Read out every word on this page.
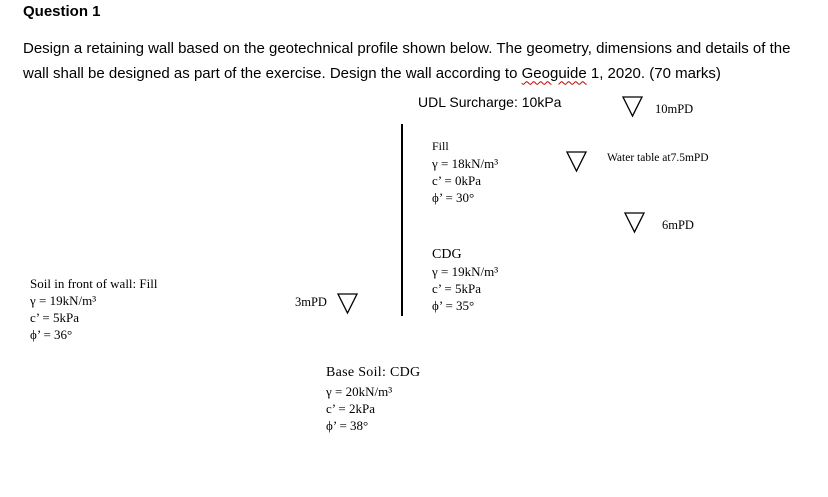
Question 1
Design a retaining wall based on the geotechnical profile shown below. The geometry, dimensions and details of the wall shall be designed as part of the exercise. Design the wall according to Geoguide 1, 2020. (70 marks)
UDL Surcharge: 10kPa	10mPD
Water table at7.5mPD
6mPD
3mPD
Fill
γ = 18kN/m³
c’ = 0kPa
ϕ’ = 30°
CDG
γ = 19kN/m³
c’ = 5kPa
ϕ’ = 35°
Soil in front of wall: Fill
γ = 19kN/m³
c’ = 5kPa
ϕ’ = 36°
Base Soil: CDG
γ = 20kN/m³
c’ = 2kPa
ϕ’ = 38°
